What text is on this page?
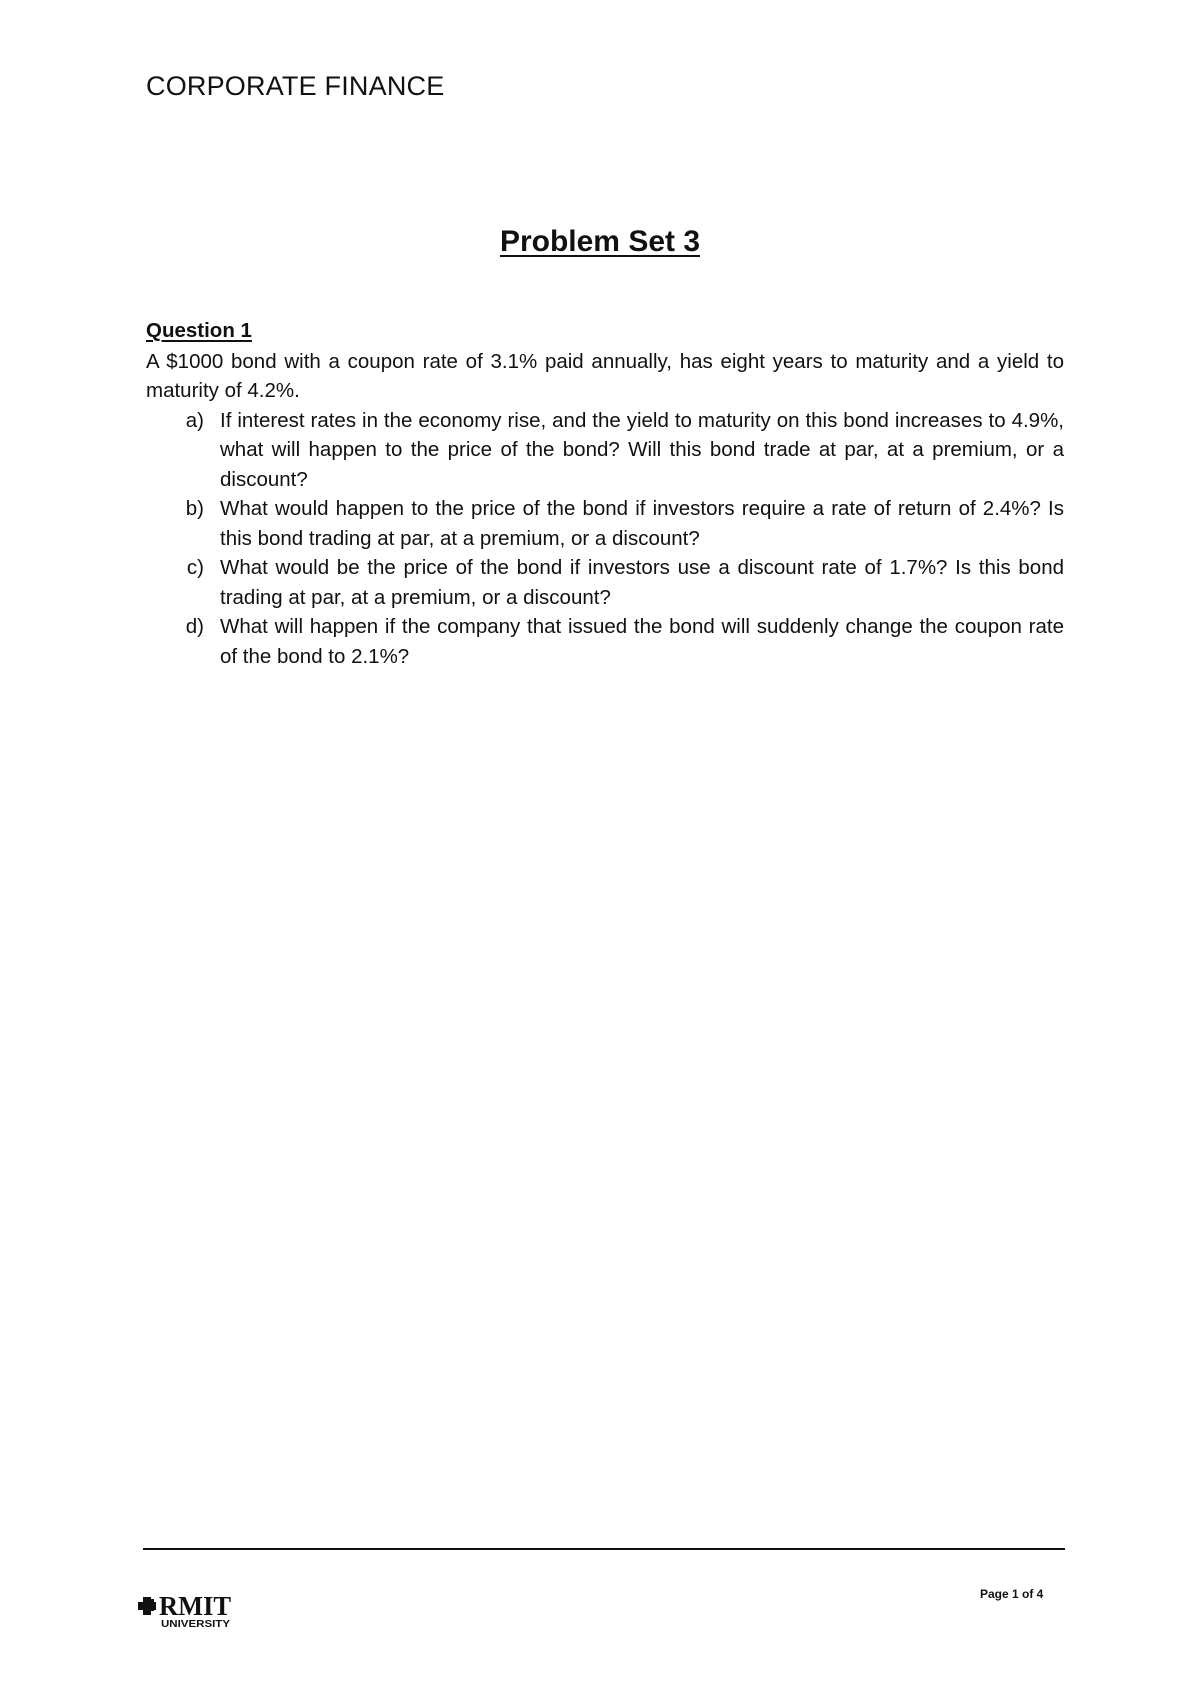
CORPORATE FINANCE
Problem Set 3
Question 1

A $1000 bond with a coupon rate of 3.1% paid annually, has eight years to maturity and a yield to maturity of 4.2%.

a) If interest rates in the economy rise, and the yield to maturity on this bond increases to 4.9%, what will happen to the price of the bond? Will this bond trade at par, at a premium, or a discount?
b) What would happen to the price of the bond if investors require a rate of return of 2.4%? Is this bond trading at par, at a premium, or a discount?
c) What would be the price of the bond if investors use a discount rate of 1.7%? Is this bond trading at par, at a premium, or a discount?
d) What will happen if the company that issued the bond will suddenly change the coupon rate of the bond to 2.1%?
RMIT
UNIVERSITY
Page 1 of 4
